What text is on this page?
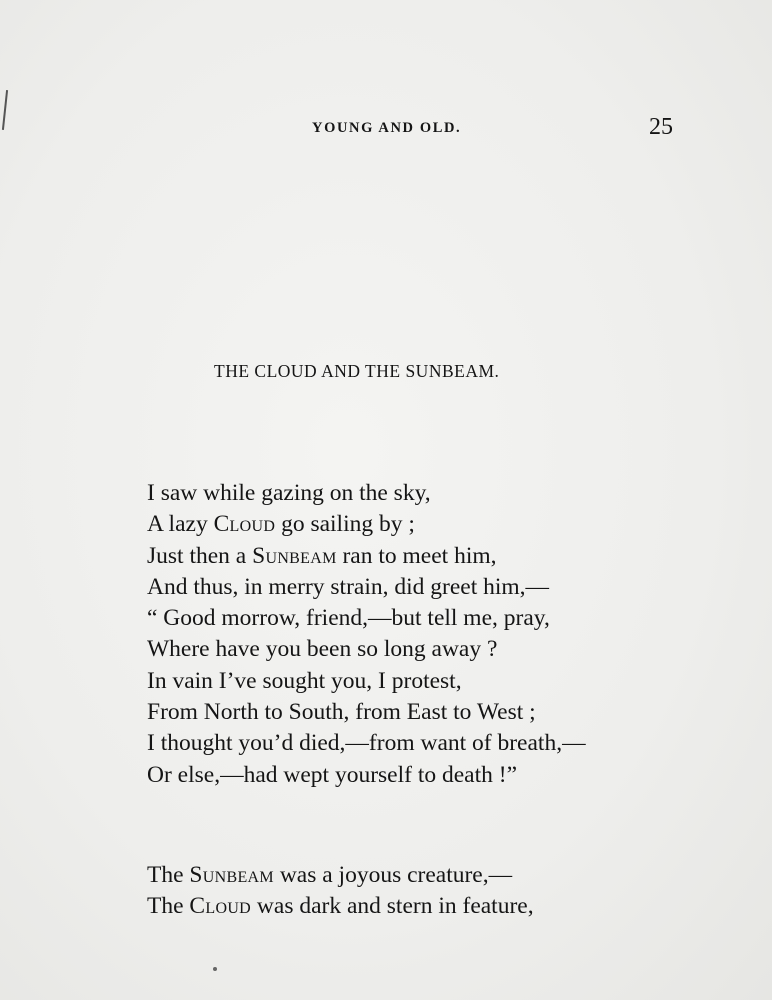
YOUNG AND OLD.	25
THE CLOUD AND THE SUNBEAM.
I saw while gazing on the sky,
A lazy Cloud go sailing by ;
Just then a Sunbeam ran to meet him,
And thus, in merry strain, did greet him,—
“ Good morrow, friend,—but tell me, pray,
Where have you been so long away ?
In vain I’ve sought you, I protest,
From North to South, from East to West ;
I thought you’d died,—from want of breath,—
Or else,—had wept yourself to death !”
The Sunbeam was a joyous creature,—
The Cloud was dark and stern in feature,
